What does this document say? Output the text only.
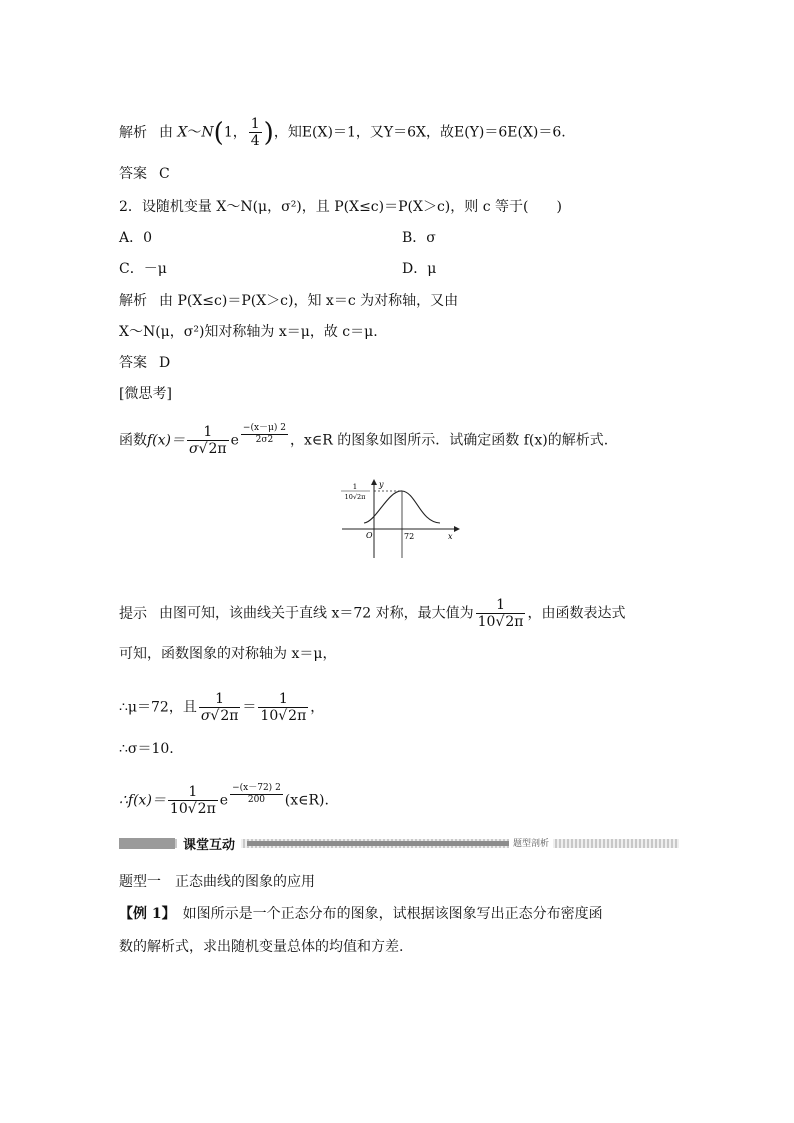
解析 由 X～N(1， $\frac{1}{4}$ )，知E(X)＝1，又Y＝6X，故E(Y)＝6E(X)＝6.
答案 C
2．设随机变量 X～N(μ，σ²)，且 P(X≤c)＝P(X＞c)，则 c 等于(　　)
A．0	B．σ
C．－μ	D．μ
解析 由 P(X≤c)＝P(X＞c)，知 x＝c 为对称轴，又由
X～N(μ，σ²)知对称轴为 x＝μ，故 c＝μ.
答案 D
[微思考]
函数$f(x)= \frac{1}{\sigma√2\pi}$ e $\frac{-(x-\mu) 2}{2\sigma 2}$ ，x∈R 的图象如图所示．试确定函数 f(x)的解析式.
y
x
O	72
1
10√2π
提示 由图可知，该曲线关于直线 x＝72 对称，最大值为 $\frac{1}{10√2\pi}$ ，由函数表达式
可知，函数图象的对称轴为 x＝μ，
∴μ＝72，且 $\frac{1}{\sigma√2\pi} = \frac{1}{10√2\pi}$ ，
∴σ＝10.
∴f(x)＝ $\frac{1}{10√2\pi}$ e $\frac{-(x-72) 2}{200}$ (x∈R).
课堂互动	题型剖析
题型一　正态曲线的图象的应用
【例 1】　 如图所示是一个正态分布的图象，试根据该图象写出正态分布密度函
数的解析式，求出随机变量总体的均值和方差.
